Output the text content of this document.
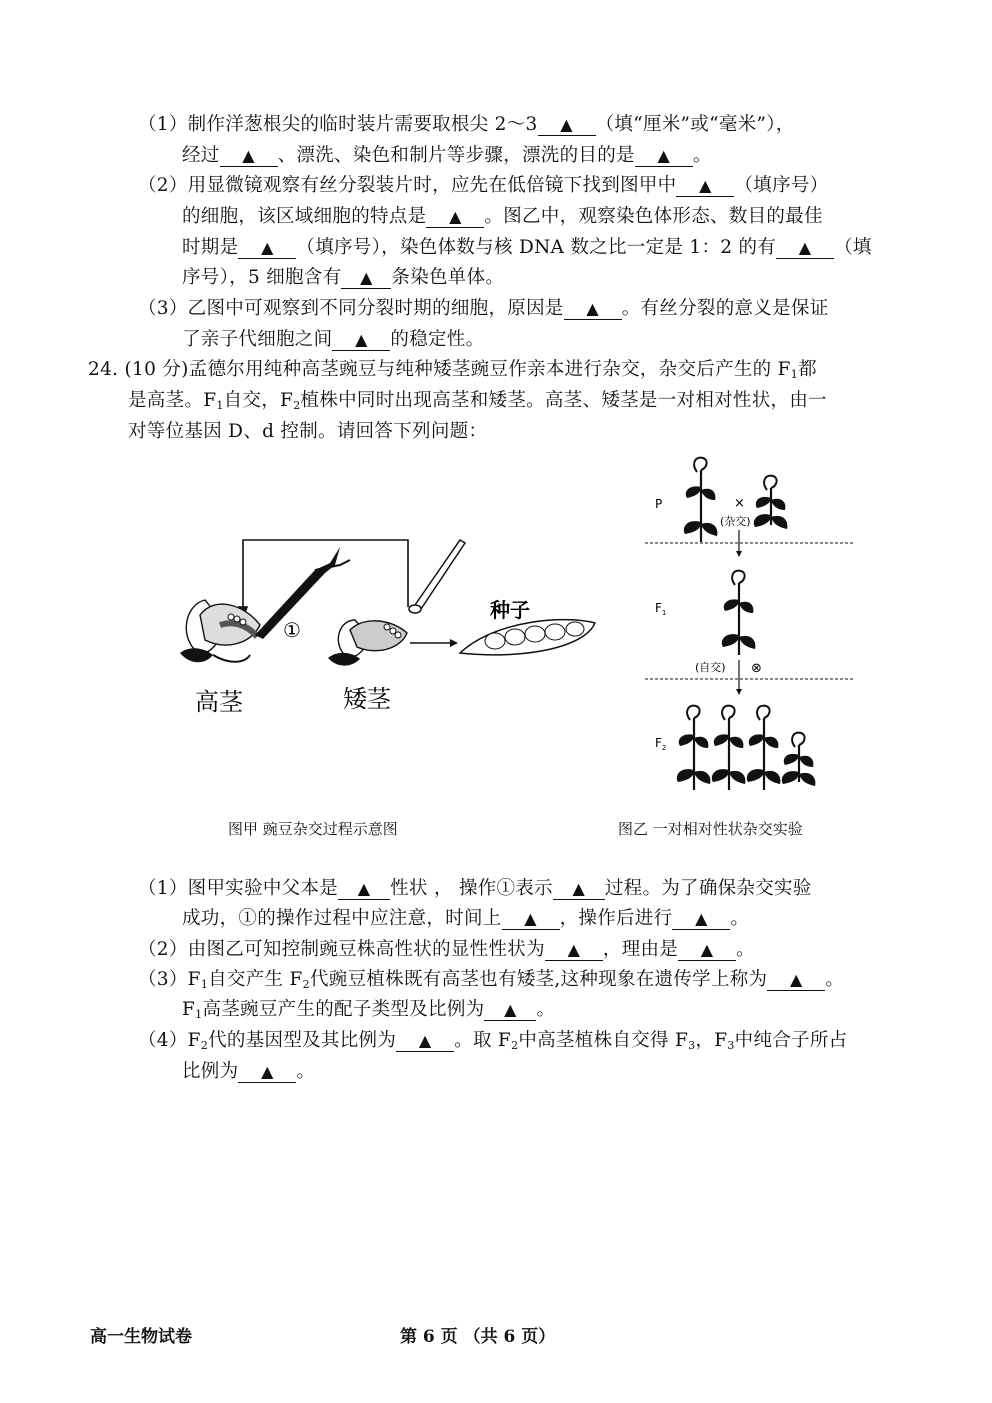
（1）制作洋葱根尖的临时装片需要取根尖 2～3 ▲ （填“厘米”或“毫米”），
经过 ▲ 、漂洗、染色和制片等步骤，漂洗的目的是 ▲ 。
（2）用显微镜观察有丝分裂装片时，应先在低倍镜下找到图甲中 ▲ （填序号）
的细胞，该区域细胞的特点是 ▲ 。图乙中，观察染色体形态、数目的最佳
时期是 ▲ （填序号），染色体数与核 DNA 数之比一定是 1：2 的有 ▲ （填
序号），5 细胞含有 ▲ 条染色单体。
（3）乙图中可观察到不同分裂时期的细胞，原因是 ▲ 。有丝分裂的意义是保证
了亲子代细胞之间 ▲ 的稳定性。
24. (10 分)孟德尔用纯种高茎豌豆与纯种矮茎豌豆作亲本进行杂交，杂交后产生的 $F_1$都
是高茎。$F_1$自交，$F_2$植株中同时出现高茎和矮茎。高茎、矮茎是一对相对性状，由一
对等位基因 D、d 控制。请回答下列问题：
①
种子
高茎	矮茎
图甲 豌豆杂交过程示意图
P	×
(杂交)
$F_1$
(自交) ⊗
$F_2$
图乙 一对相对性状杂交实验
（1）图甲实验中父本是 ▲ 性状 ， 操作①表示 ▲ 过程。为了确保杂交实验
成功，①的操作过程中应注意，时间上 ▲ ，操作后进行 ▲ 。
（2）由图乙可知控制豌豆株高性状的显性性状为 ▲ ，理由是 ▲ 。
$(3)F_1$自交产生 $F_2$代豌豆植株既有高茎也有矮茎,这种现象在遗传学上称为 ▲ 。
$F_1$高茎豌豆产生的配子类型及比例为 ▲ 。
$(4)F_2$代的基因型及其比例为 ▲ 。取 $F_2$中高茎植株自交得 $F_3$，$F_3$中纯合子所占
比例为 ▲ 。
高一生物试卷	第 6 页 （共 6 页）
